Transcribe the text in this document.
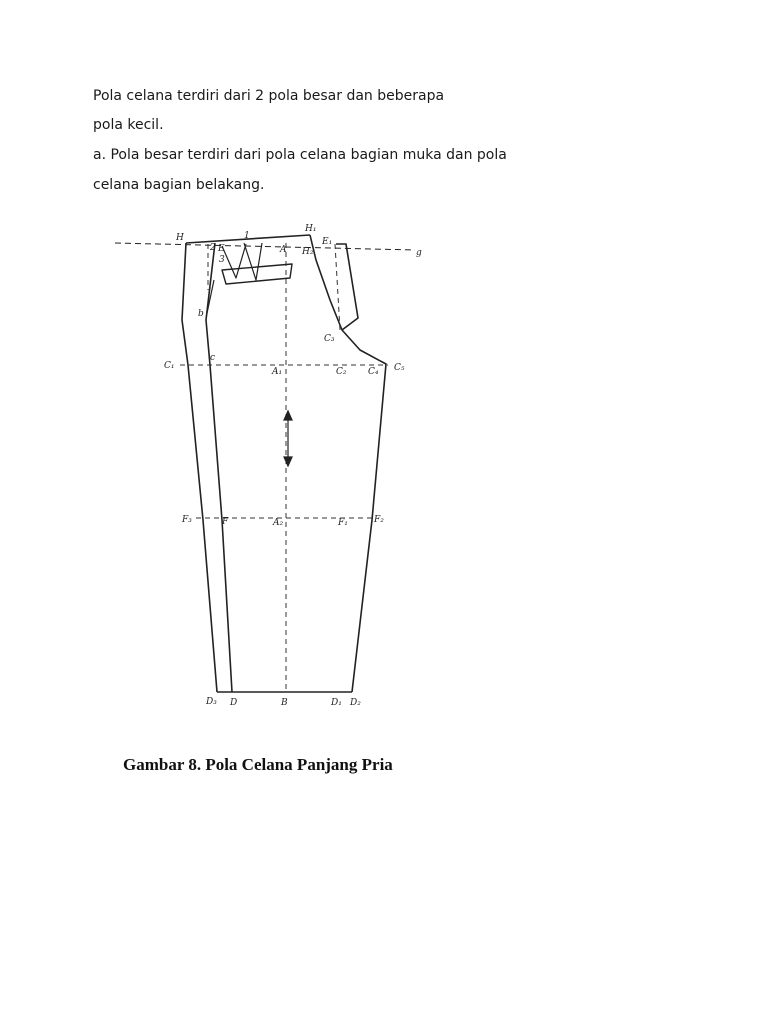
Pola celana terdiri dari 2 pola besar dan beberapa
pola kecil.
a. Pola besar terdiri dari pola celana bagian muka dan pola
celana bagian belakang.
H
H₁
E₁
H₂	g
A
2 E
3
1
b
C₃
C₁
c
A₁	C₂ C₄ C₅
F₃	F	A₂	F₁	F₂
D₃ D	B	D₁ D₂
Gambar 8. Pola Celana Panjang Pria
